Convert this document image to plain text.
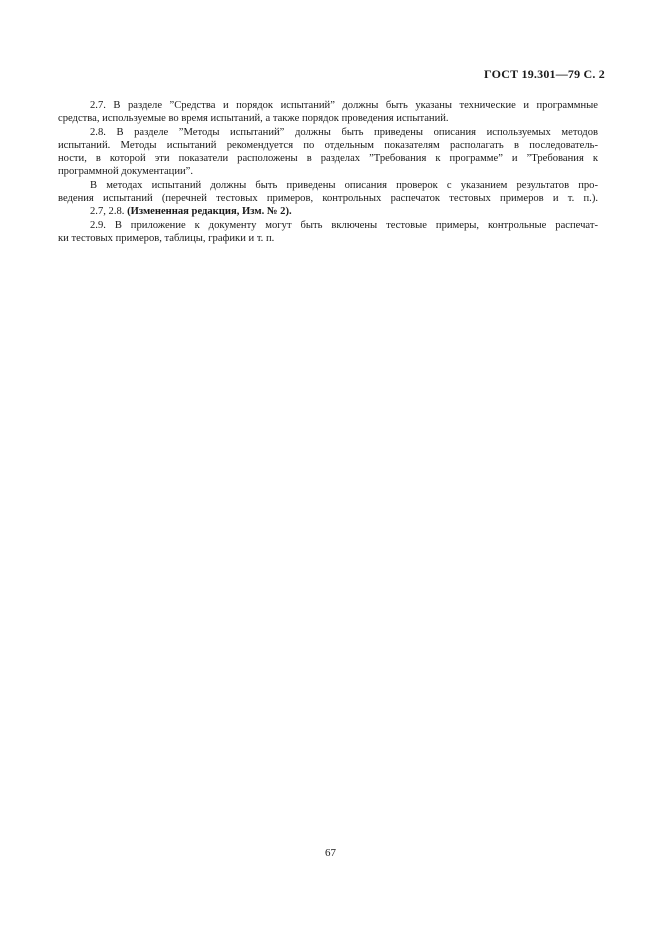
ГОСТ 19.301—79 С. 2
2.7. В разделе ”Средства и порядок испытаний” должны быть указаны технические и программные
средства, используемые во время испытаний, а также порядок проведения испытаний.
2.8. В разделе ”Методы испытаний” должны быть приведены описания используемых методов
испытаний. Методы испытаний рекомендуется по отдельным показателям располагать в последователь-
ности, в которой эти показатели расположены в разделах ”Требования к программе” и ”Требования к
программной документации”.
В методах испытаний должны быть приведены описания проверок с указанием результатов про-
ведения испытаний (перечней тестовых примеров, контрольных распечаток тестовых примеров и т. п.).
2.7, 2.8. (Измененная редакция, Изм. № 2).
2.9. В приложение к документу могут быть включены тестовые примеры, контрольные распечат-
ки тестовых примеров, таблицы, графики и т. п.
67
